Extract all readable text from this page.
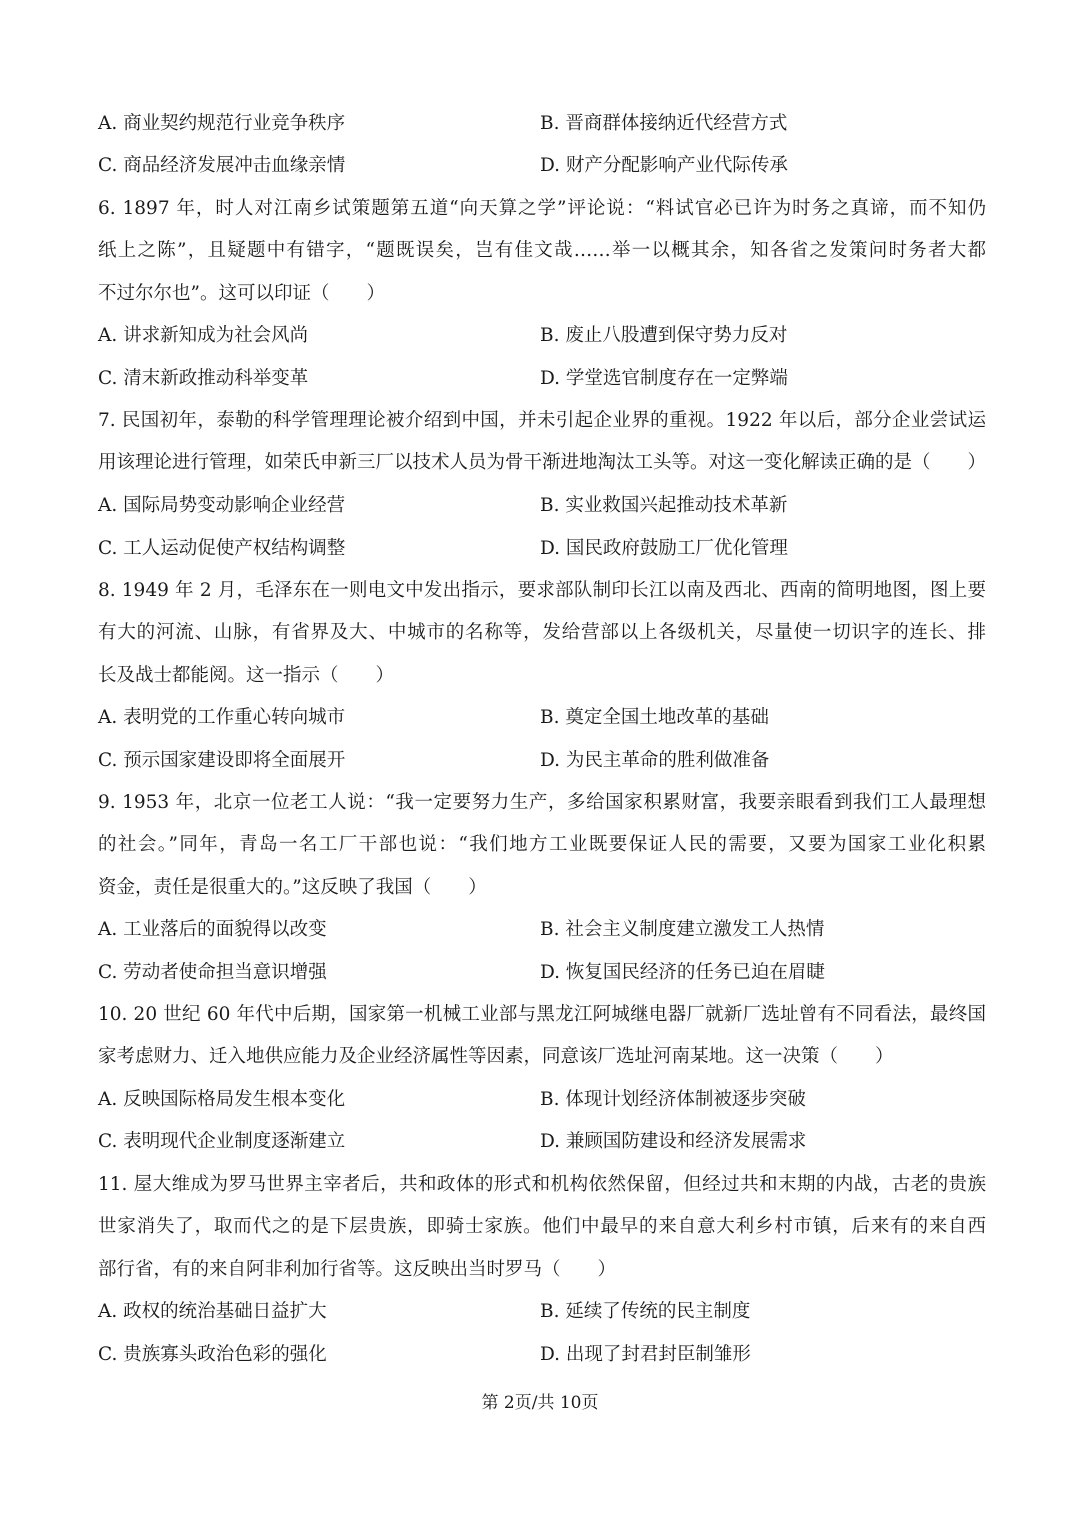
A. 商业契约规范行业竞争秩序	B. 晋商群体接纳近代经营方式
C. 商品经济发展冲击血缘亲情	D. 财产分配影响产业代际传承
6. 1897 年，时人对江南乡试策题第五道“向天算之学”评论说：“料试官必已许为时务之真谛，而不知仍
纸上之陈”，且疑题中有错字，“题既误矣，岂有佳文哉……举一以概其余，知各省之发策问时务者大都
不过尔尔也”。这可以印证（　　）
A. 讲求新知成为社会风尚	B. 废止八股遭到保守势力反对
C. 清末新政推动科举变革	D. 学堂选官制度存在一定弊端
7. 民国初年，泰勒的科学管理理论被介绍到中国，并未引起企业界的重视。1922 年以后，部分企业尝试运
用该理论进行管理，如荣氏申新三厂以技术人员为骨干渐进地淘汰工头等。对这一变化解读正确的是（　　）
A. 国际局势变动影响企业经营	B. 实业救国兴起推动技术革新
C. 工人运动促使产权结构调整	D. 国民政府鼓励工厂优化管理
8. 1949 年 2 月，毛泽东在一则电文中发出指示，要求部队制印长江以南及西北、西南的简明地图，图上要
有大的河流、山脉，有省界及大、中城市的名称等，发给营部以上各级机关，尽量使一切识字的连长、排
长及战士都能阅。这一指示（　　）
A. 表明党的工作重心转向城市	B. 奠定全国土地改革的基础
C. 预示国家建设即将全面展开	D. 为民主革命的胜利做准备
9. 1953 年，北京一位老工人说：“我一定要努力生产，多给国家积累财富，我要亲眼看到我们工人最理想
的社会。”同年，青岛一名工厂干部也说：“我们地方工业既要保证人民的需要，又要为国家工业化积累
资金，责任是很重大的。”这反映了我国（　　）
A. 工业落后的面貌得以改变	B. 社会主义制度建立激发工人热情
C. 劳动者使命担当意识增强	D. 恢复国民经济的任务已迫在眉睫
10. 20 世纪 60 年代中后期，国家第一机械工业部与黑龙江阿城继电器厂就新厂选址曾有不同看法，最终国
家考虑财力、迁入地供应能力及企业经济属性等因素，同意该厂选址河南某地。这一决策（　　）
A. 反映国际格局发生根本变化	B. 体现计划经济体制被逐步突破
C. 表明现代企业制度逐渐建立	D. 兼顾国防建设和经济发展需求
11. 屋大维成为罗马世界主宰者后，共和政体的形式和机构依然保留，但经过共和末期的内战，古老的贵族
世家消失了，取而代之的是下层贵族，即骑士家族。他们中最早的来自意大利乡村市镇，后来有的来自西
部行省，有的来自阿非利加行省等。这反映出当时罗马（　　）
A. 政权的统治基础日益扩大	B. 延续了传统的民主制度
C. 贵族寡头政治色彩的强化	D. 出现了封君封臣制雏形
第 2页/共 10页
